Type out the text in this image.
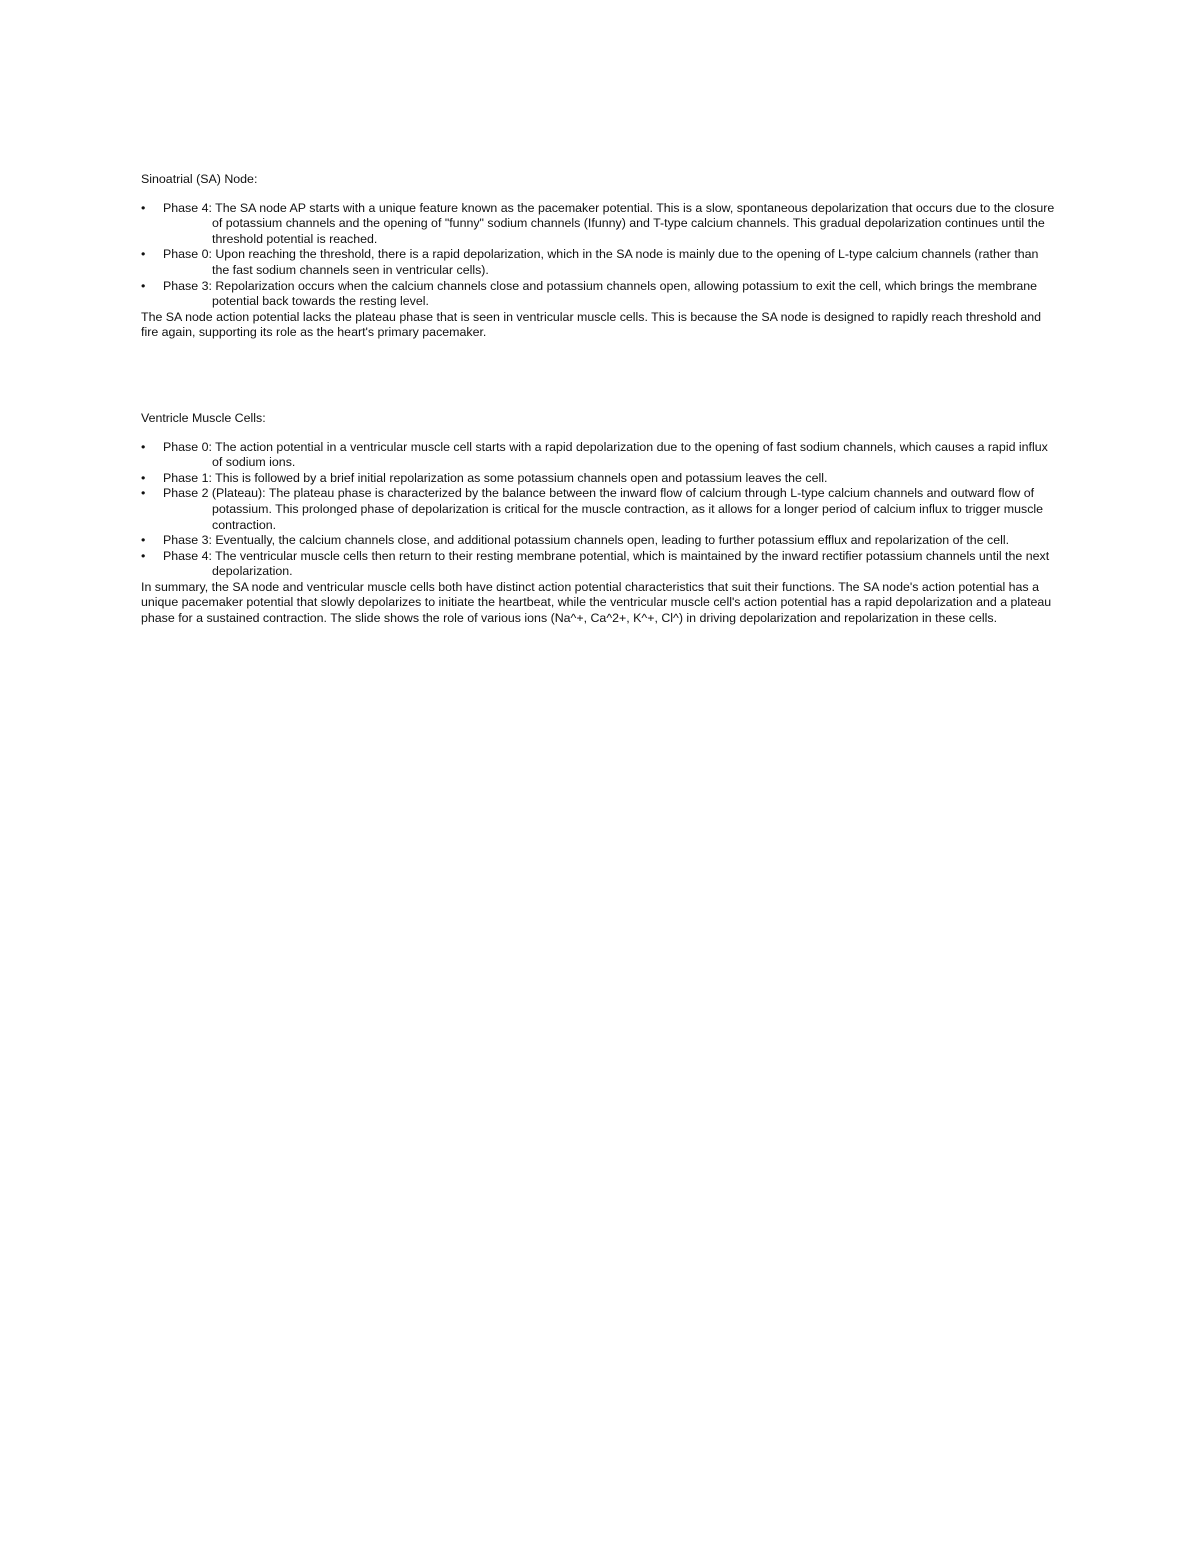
Sinoatrial (SA) Node:

•	Phase 4: The SA node AP starts with a unique feature known as the pacemaker potential. This is a slow, spontaneous depolarization that occurs due to the closure of potassium channels and the opening of "funny" sodium channels (Ifunny) and T-type calcium channels. This gradual depolarization continues until the threshold potential is reached.
•	Phase 0: Upon reaching the threshold, there is a rapid depolarization, which in the SA node is mainly due to the opening of L-type calcium channels (rather than the fast sodium channels seen in ventricular cells).
•	Phase 3: Repolarization occurs when the calcium channels close and potassium channels open, allowing potassium to exit the cell, which brings the membrane potential back towards the resting level.

The SA node action potential lacks the plateau phase that is seen in ventricular muscle cells. This is because the SA node is designed to rapidly reach threshold and fire again, supporting its role as the heart's primary pacemaker.

Ventricle Muscle Cells:

•	Phase 0: The action potential in a ventricular muscle cell starts with a rapid depolarization due to the opening of fast sodium channels, which causes a rapid influx of sodium ions.
•	Phase 1: This is followed by a brief initial repolarization as some potassium channels open and potassium leaves the cell.
•	Phase 2 (Plateau): The plateau phase is characterized by the balance between the inward flow of calcium through L-type calcium channels and outward flow of potassium. This prolonged phase of depolarization is critical for the muscle contraction, as it allows for a longer period of calcium influx to trigger muscle contraction.
•	Phase 3: Eventually, the calcium channels close, and additional potassium channels open, leading to further potassium efflux and repolarization of the cell.
•	Phase 4: The ventricular muscle cells then return to their resting membrane potential, which is maintained by the inward rectifier potassium channels until the next depolarization.

In summary, the SA node and ventricular muscle cells both have distinct action potential characteristics that suit their functions. The SA node's action potential has a unique pacemaker potential that slowly depolarizes to initiate the heartbeat, while the ventricular muscle cell's action potential has a rapid depolarization and a plateau phase for a sustained contraction. The slide shows the role of various ions (Na^+, Ca^2+, K^+, Cl^) in driving depolarization and repolarization in these cells.
